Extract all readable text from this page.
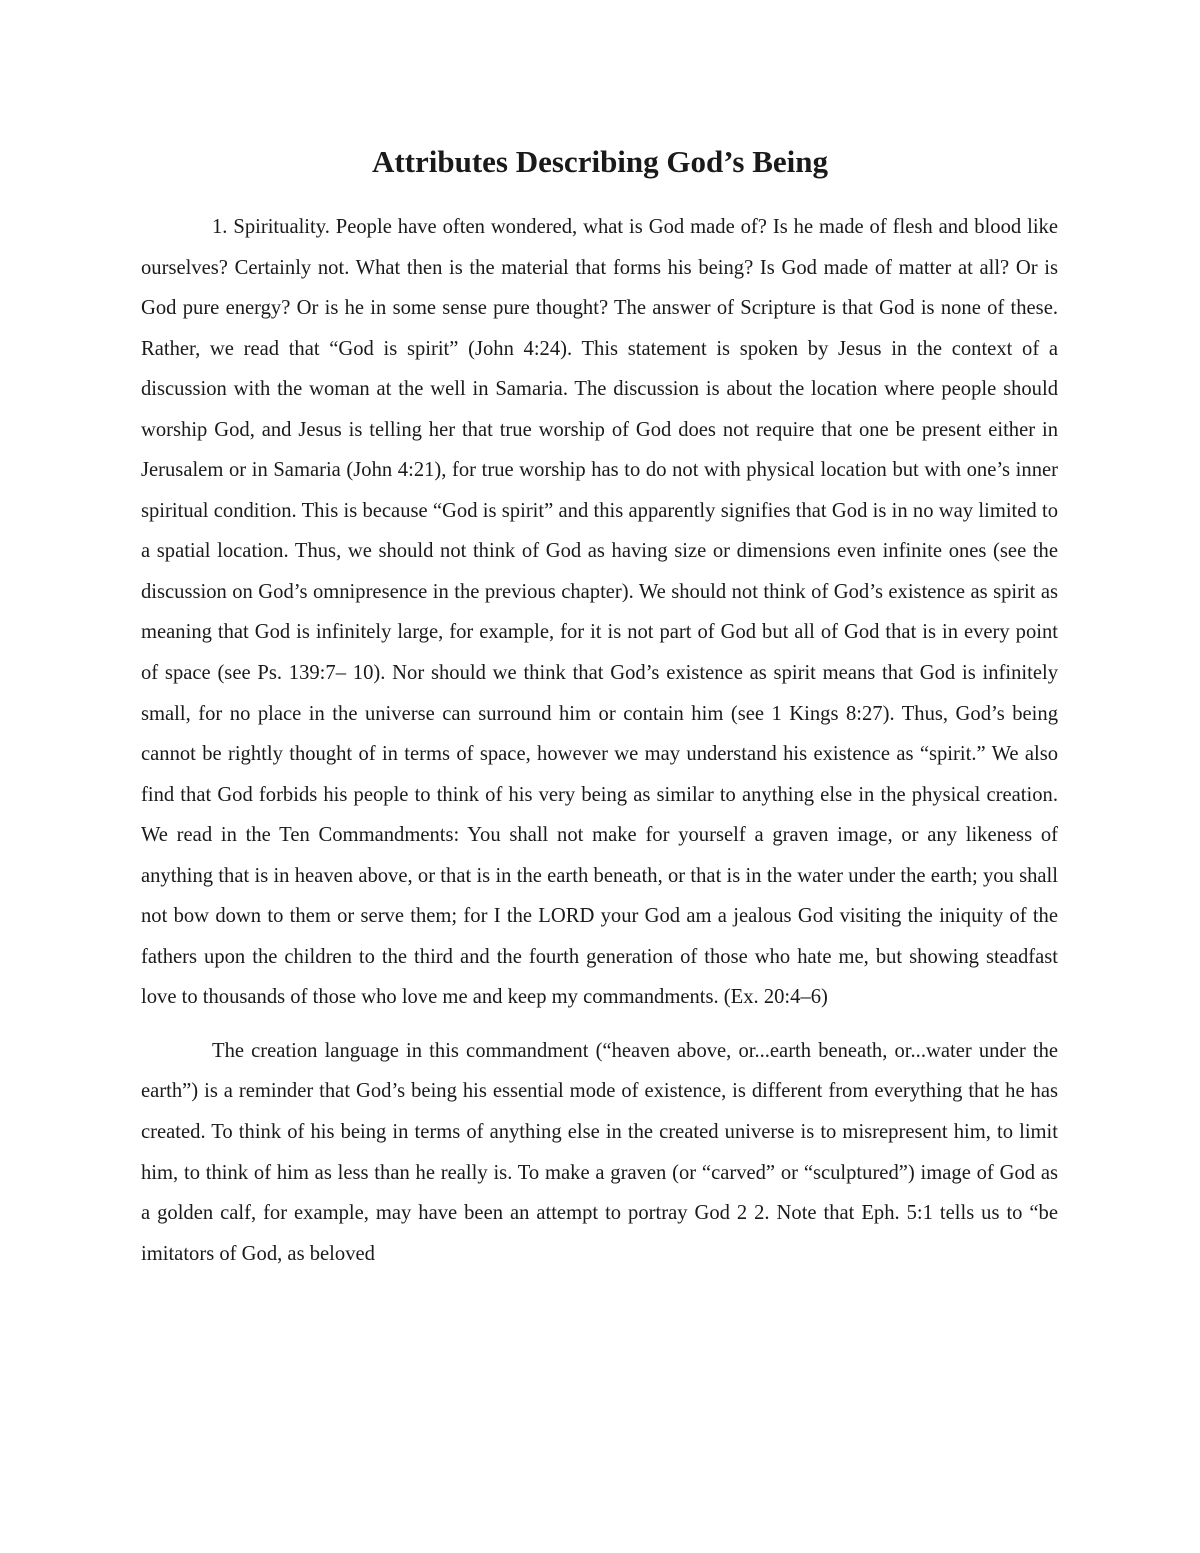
Attributes Describing God’s Being

1. Spirituality. People have often wondered, what is God made of? Is he made of flesh and blood like ourselves? Certainly not. What then is the material that forms his being? Is God made of matter at all? Or is God pure energy? Or is he in some sense pure thought? The answer of Scripture is that God is none of these. Rather, we read that “God is spirit” (John 4:24). This statement is spoken by Jesus in the context of a discussion with the woman at the well in Samaria. The discussion is about the location where people should worship God, and Jesus is telling her that true worship of God does not require that one be present either in Jerusalem or in Samaria (John 4:21), for true worship has to do not with physical location but with one’s inner spiritual condition. This is because “God is spirit” and this apparently signifies that God is in no way limited to a spatial location. Thus, we should not think of God as having size or dimensions even infinite ones (see the discussion on God’s omnipresence in the previous chapter). We should not think of God’s existence as spirit as meaning that God is infinitely large, for example, for it is not part of God but all of God that is in every point of space (see Ps. 139:7– 10). Nor should we think that God’s existence as spirit means that God is infinitely small, for no place in the universe can surround him or contain him (see 1 Kings 8:27). Thus, God’s being cannot be rightly thought of in terms of space, however we may understand his existence as “spirit.” We also find that God forbids his people to think of his very being as similar to anything else in the physical creation. We read in the Ten Commandments: You shall not make for yourself a graven image, or any likeness of anything that is in heaven above, or that is in the earth beneath, or that is in the water under the earth; you shall not bow down to them or serve them; for I the LORD your God am a jealous God visiting the iniquity of the fathers upon the children to the third and the fourth generation of those who hate me, but showing steadfast love to thousands of those who love me and keep my commandments. (Ex. 20:4–6)

The creation language in this commandment (“heaven above, or...earth beneath, or...water under the earth”) is a reminder that God’s being his essential mode of existence, is different from everything that he has created. To think of his being in terms of anything else in the created universe is to misrepresent him, to limit him, to think of him as less than he really is. To make a graven (or “carved” or “sculptured”) image of God as a golden calf, for example, may have been an attempt to portray God 2 2. Note that Eph. 5:1 tells us to “be imitators of God, as beloved
